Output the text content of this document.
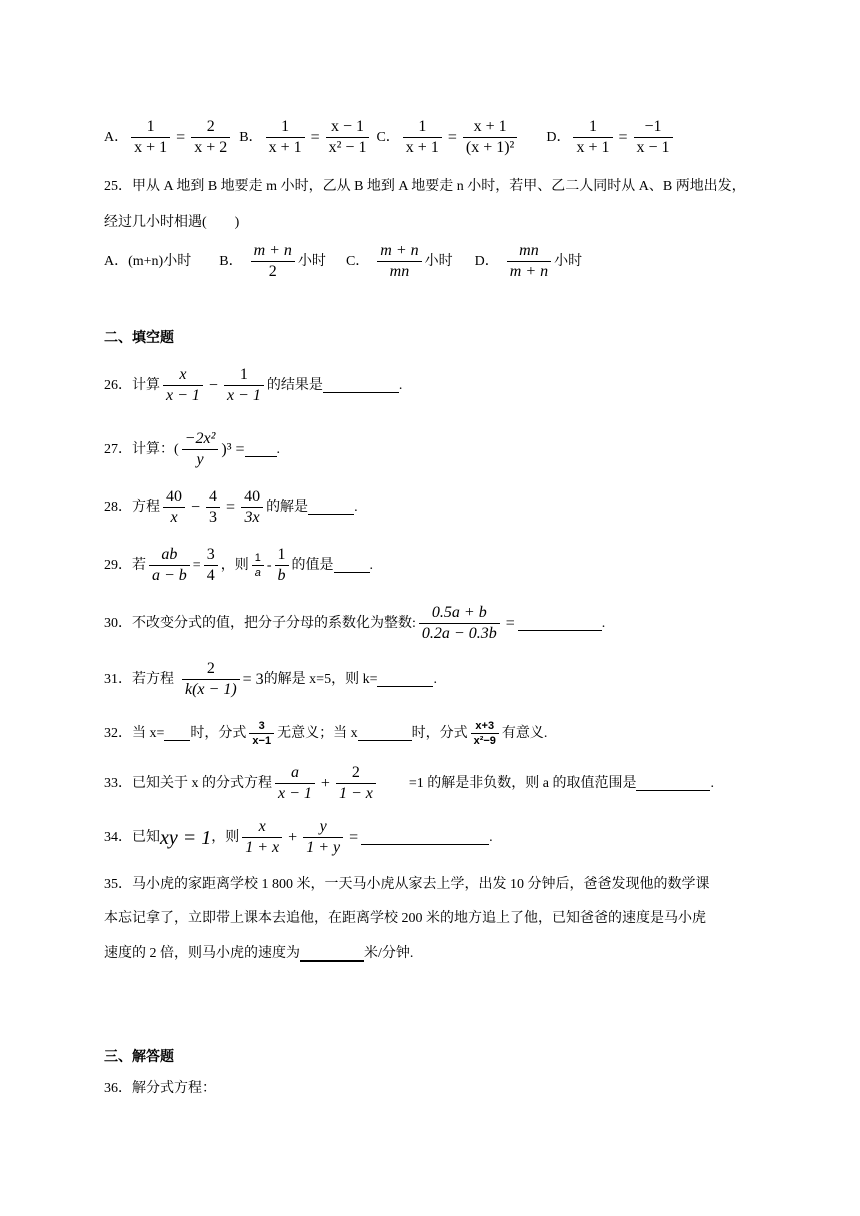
A． $\frac{1}{x + 1} = \frac{2}{x + 2}$ B． $\frac{1}{x + 1} = \frac{x - 1}{\text{x² − 1}}$ C． $\frac{1}{x + 1} = \frac{x + 1}{\text{(x + 1)²}}$ D． $\frac{1}{x + 1} = \frac{-1}{x - 1}$
25．甲从 A 地到 B 地要走 m 小时，乙从 B 地到 A 地要走 n 小时，若甲、乙二人同时从 A、B 两地出发，
经过几小时相遇(　　)
A．(m+n)小时 B． $\frac{m + n}{2}$ 小时 C． $\frac{m + n}{mn}$ 小时 D． $\frac{mn}{m + n}$ 小时
二、填空题
26．计算 $\frac{x}{x - 1} - \frac{1}{x - 1}$ 的结果是	.
27．计算：( $\frac{\text{−2x²}}{y} )^3$ = .
28．方程 $\frac{40}{x} - \frac{4}{3} = \frac{40}{3x}$ 的解是	.
29．若 $\frac{ab}{a - b} = \frac{3}{4}$ ，则 $\frac{1}{a} - \frac{1}{b}$ 的值是	.
30．不改变分式的值，把分子分母的系数化为整数: $\frac{0.5a + b}{0.2a - 0.3b}$ =	.
31．若方程 $\frac{2}{k(x - 1)} = 3$ 的解是 x=5，则 k=	.
32．当 x= 时，分式 $\frac{3}{x-1}$ 无意义；当 x	时，分式 $\frac{x+3}{\text{x²−9}}$ 有意义.
33．已知关于 x 的分式方程 $\frac{a}{x - 1} + \frac{2}{1 - x} =1$ 的解是非负数，则 a 的取值范围是	.
34．已知 xy = 1 ，则 $\frac{x}{1 + x} + \frac{y}{1 + y}$ =	.
35．马小虎的家距离学校 1 800 米，一天马小虎从家去上学，出发 10 分钟后，爸爸发现他的数学课
本忘记拿了，立即带上课本去追他，在距离学校 200 米的地方追上了他，已知爸爸的速度是马小虎
速度的 2 倍，则马小虎的速度为	米/分钟.
三、解答题
36．解分式方程：
